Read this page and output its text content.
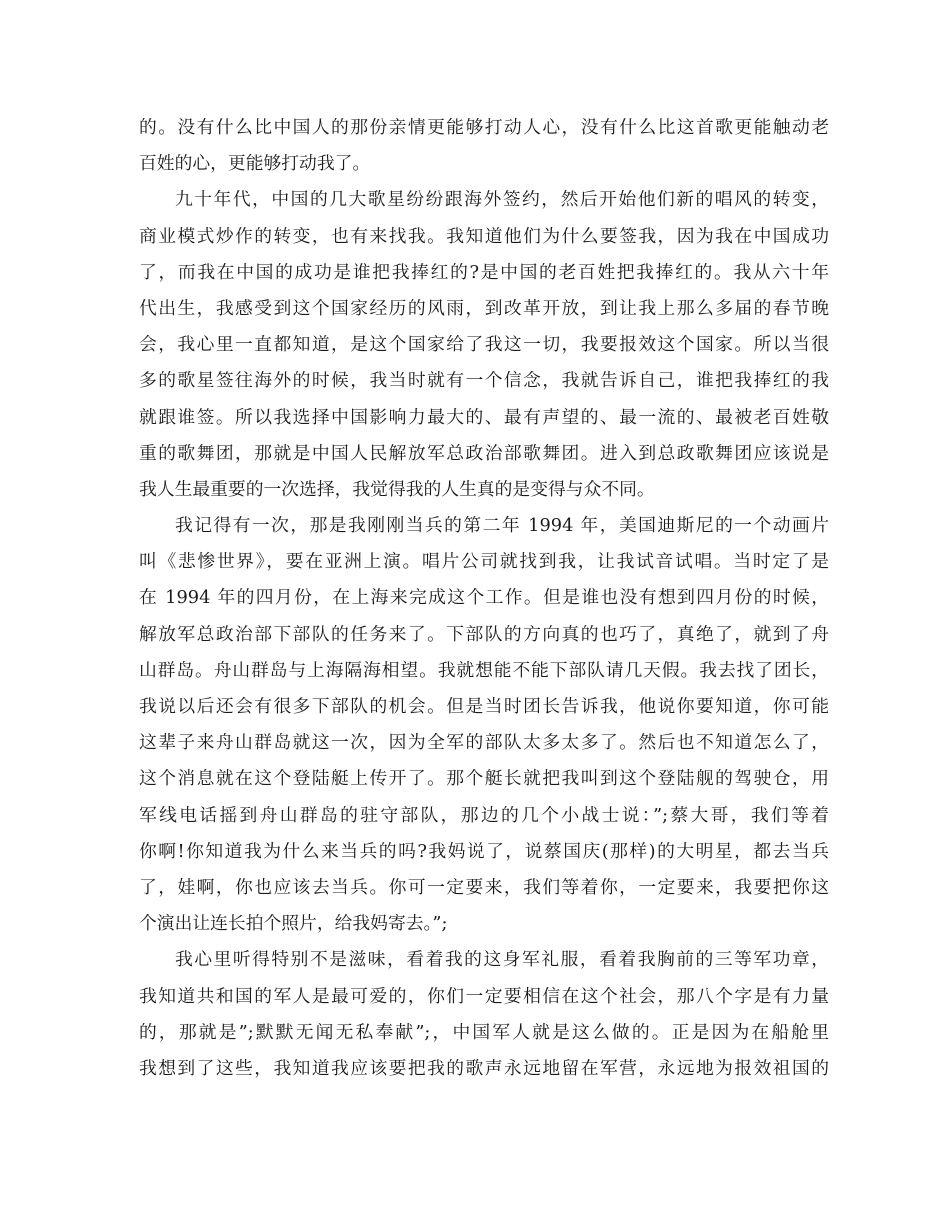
的。没有什么比中国人的那份亲情更能够打动人心，没有什么比这首歌更能触动老
百姓的心，更能够打动我了。
九十年代，中国的几大歌星纷纷跟海外签约，然后开始他们新的唱风的转变，
商业模式炒作的转变，也有来找我。我知道他们为什么要签我，因为我在中国成功
了，而我在中国的成功是谁把我捧红的?是中国的老百姓把我捧红的。我从六十年
代出生，我感受到这个国家经历的风雨，到改革开放，到让我上那么多届的春节晚
会，我心里一直都知道，是这个国家给了我这一切，我要报效这个国家。所以当很
多的歌星签往海外的时候，我当时就有一个信念，我就告诉自己，谁把我捧红的我
就跟谁签。所以我选择中国影响力最大的、最有声望的、最一流的、最被老百姓敬
重的歌舞团，那就是中国人民解放军总政治部歌舞团。进入到总政歌舞团应该说是
我人生最重要的一次选择，我觉得我的人生真的是变得与众不同。
我记得有一次，那是我刚刚当兵的第二年 1994 年，美国迪斯尼的一个动画片
叫《悲惨世界》，要在亚洲上演。唱片公司就找到我，让我试音试唱。当时定了是
在 1994 年的四月份，在上海来完成这个工作。但是谁也没有想到四月份的时候，
解放军总政治部下部队的任务来了。下部队的方向真的也巧了，真绝了，就到了舟
山群岛。舟山群岛与上海隔海相望。我就想能不能下部队请几天假。我去找了团长，
我说以后还会有很多下部队的机会。但是当时团长告诉我，他说你要知道，你可能
这辈子来舟山群岛就这一次，因为全军的部队太多太多了。然后也不知道怎么了，
这个消息就在这个登陆艇上传开了。那个艇长就把我叫到这个登陆舰的驾驶仓，用
军线电话摇到舟山群岛的驻守部队，那边的几个小战士说：”;蔡大哥，我们等着
你啊!你知道我为什么来当兵的吗?我妈说了，说蔡国庆(那样)的大明星，都去当兵
了，娃啊，你也应该去当兵。你可一定要来，我们等着你，一定要来，我要把你这
个演出让连长拍个照片，给我妈寄去。”;
我心里听得特别不是滋味，看着我的这身军礼服，看着我胸前的三等军功章，
我知道共和国的军人是最可爱的，你们一定要相信在这个社会，那八个字是有力量
的，那就是”;默默无闻无私奉献”;，中国军人就是这么做的。正是因为在船舱里
我想到了这些，我知道我应该要把我的歌声永远地留在军营，永远地为报效祖国的
